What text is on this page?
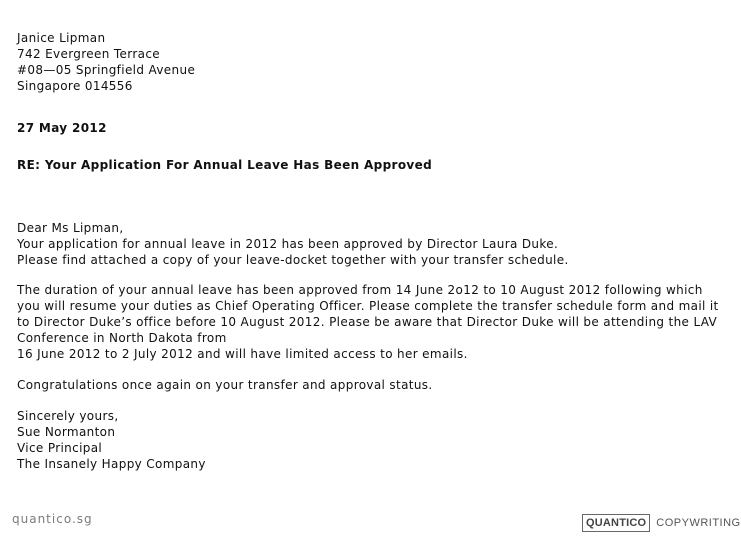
Janice Lipman
742 Evergreen Terrace
#08—05 Springfield Avenue
Singapore 014556
27 May 2012
RE: Your Application For Annual Leave Has Been Approved
Dear Ms Lipman,
Your application for annual leave in 2012 has been approved by Director Laura Duke.
Please find attached a copy of your leave-docket together with your transfer schedule.
The duration of your annual leave has been approved from 14 June 2o12 to 10 August 2012 following which
you will resume your duties as Chief Operating Officer. Please complete the transfer schedule form and mail it
to Director Duke’s office before 10 August 2012. Please be aware that Director Duke will be attending the LAV
Conference in North Dakota from
16 June 2012 to 2 July 2012 and will have limited access to her emails.
Congratulations once again on your transfer and approval status.
Sincerely yours,
Sue Normanton
Vice Principal
The Insanely Happy Company
quantico.sg	QUANTICO COPYWRITING
